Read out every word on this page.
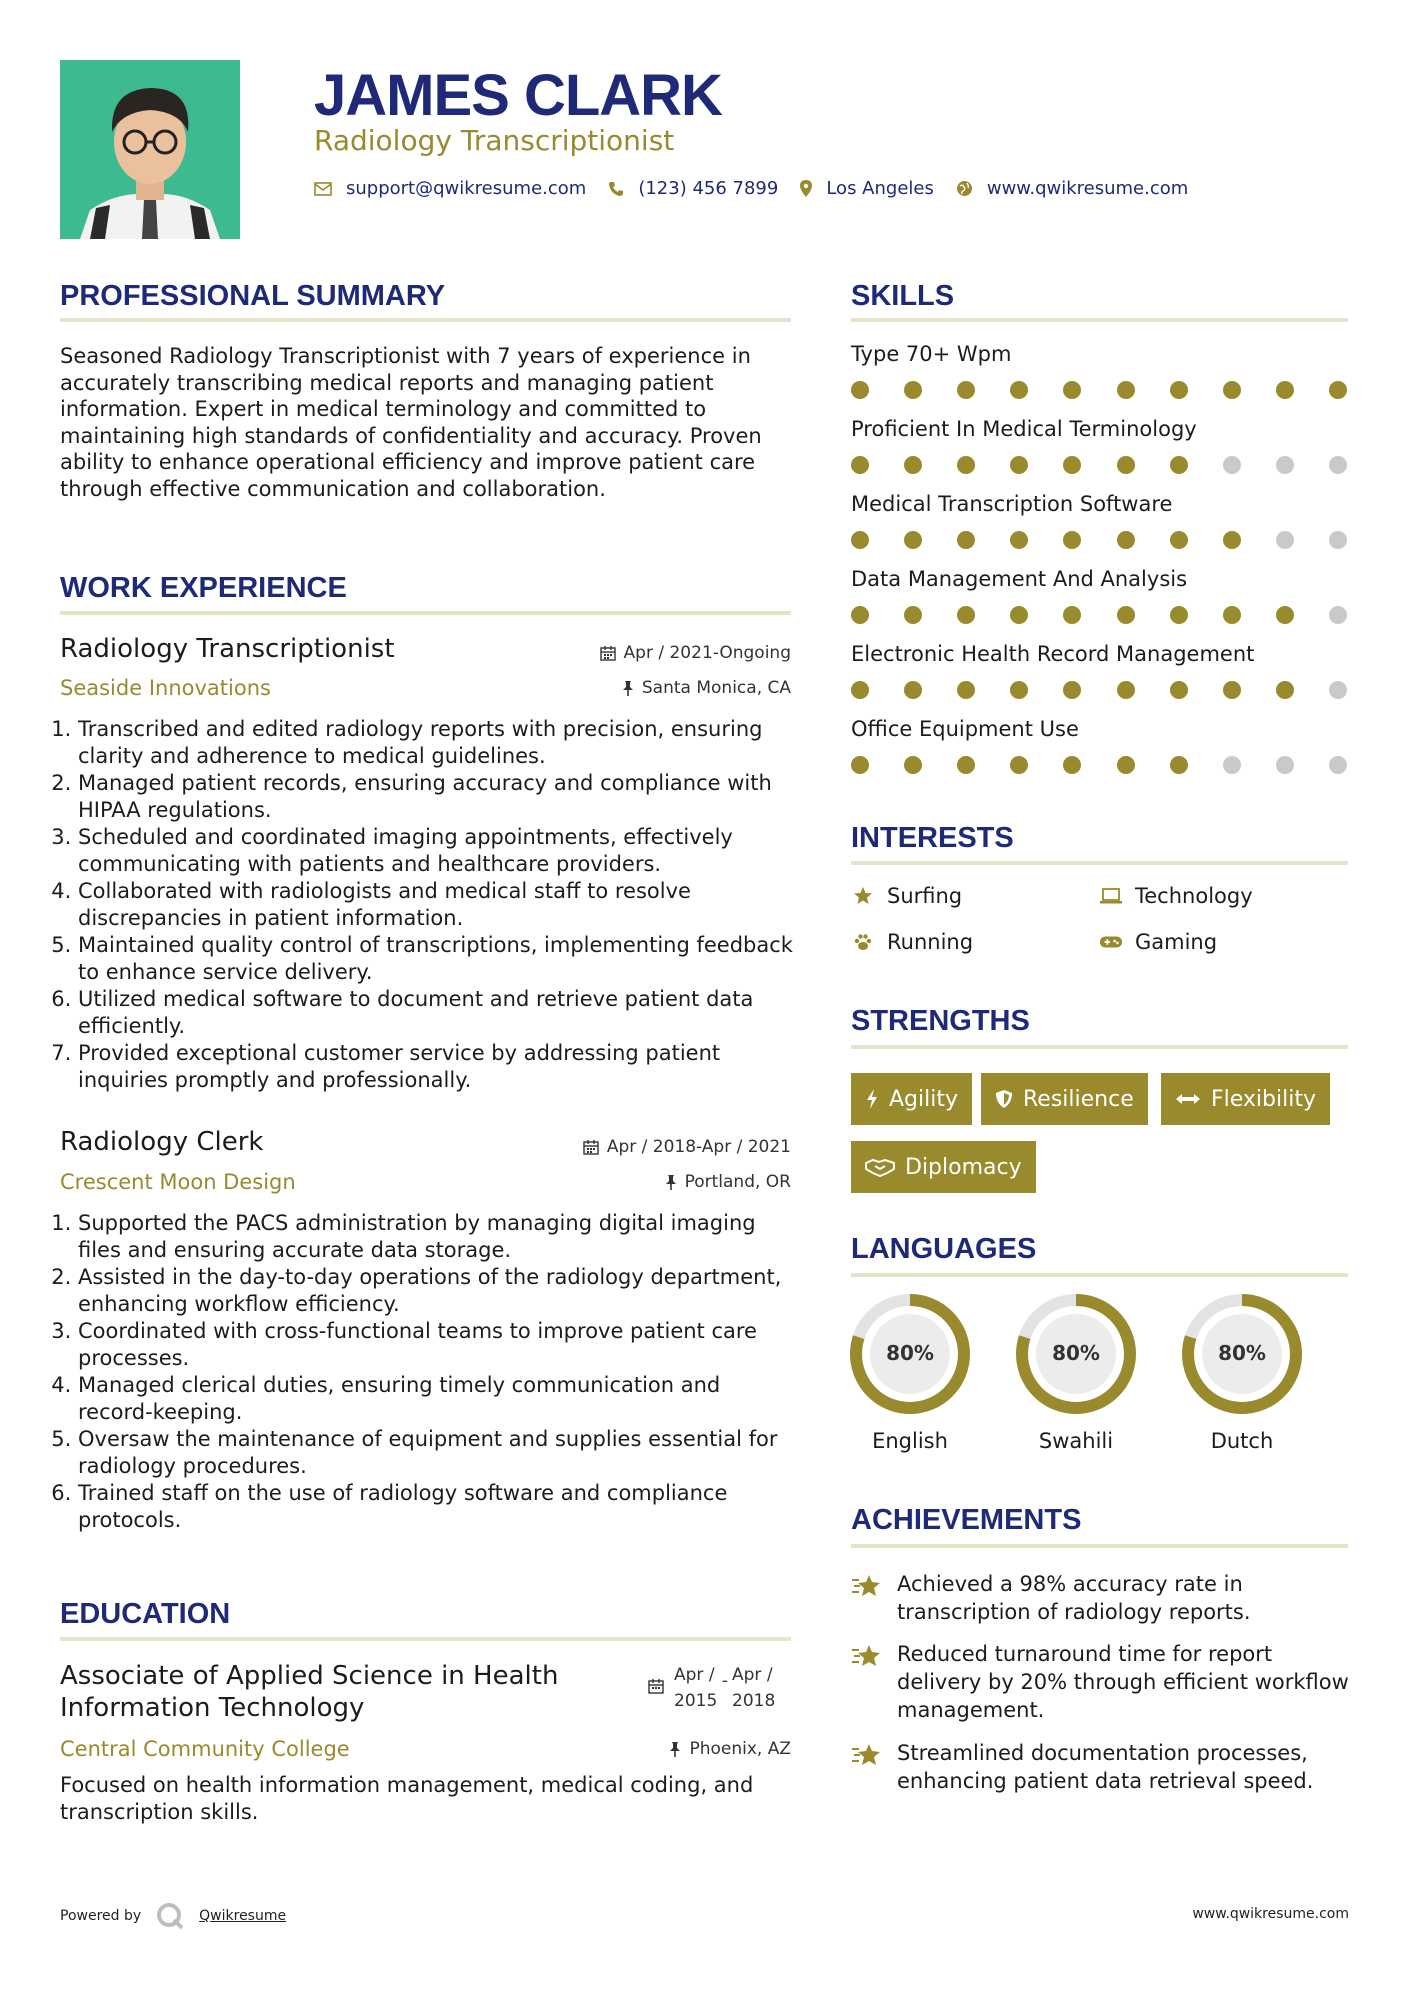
JAMES CLARK
Radiology Transcriptionist
support@qwikresume.com	(123) 456 7899	Los Angeles	www.qwikresume.com
PROFESSIONAL SUMMARY
Seasoned Radiology Transcriptionist with 7 years of experience in accurately transcribing medical reports and managing patient information. Expert in medical terminology and committed to maintaining high standards of confidentiality and accuracy. Proven ability to enhance operational efficiency and improve patient care through effective communication and collaboration.
WORK EXPERIENCE
Radiology Transcriptionist	Apr / 2021-Ongoing
Seaside Innovations	Santa Monica, CA
1. Transcribed and edited radiology reports with precision, ensuring clarity and adherence to medical guidelines.
2. Managed patient records, ensuring accuracy and compliance with HIPAA regulations.
3. Scheduled and coordinated imaging appointments, effectively communicating with patients and healthcare providers.
4. Collaborated with radiologists and medical staff to resolve discrepancies in patient information.
5. Maintained quality control of transcriptions, implementing feedback to enhance service delivery.
6. Utilized medical software to document and retrieve patient data efficiently.
7. Provided exceptional customer service by addressing patient inquiries promptly and professionally.
Radiology Clerk	Apr / 2018-Apr / 2021
Crescent Moon Design	Portland, OR
1. Supported the PACS administration by managing digital imaging files and ensuring accurate data storage.
2. Assisted in the day-to-day operations of the radiology department, enhancing workflow efficiency.
3. Coordinated with cross-functional teams to improve patient care processes.
4. Managed clerical duties, ensuring timely communication and record-keeping.
5. Oversaw the maintenance of equipment and supplies essential for radiology procedures.
6. Trained staff on the use of radiology software and compliance protocols.
EDUCATION
Associate of Applied Science in Health Information Technology
Apr / 2015
- Apr / 2018
Central Community College	Phoenix, AZ
Focused on health information management, medical coding, and transcription skills.
SKILLS
Type 70+ Wpm
Proficient In Medical Terminology
Medical Transcription Software
Data Management And Analysis
Electronic Health Record Management
Office Equipment Use
INTERESTS
Surfing	Technology
Running	Gaming
STRENGTHS
Agility	Resilience	Flexibility
Diplomacy
LANGUAGES
80%
English
80%
Swahili
80%
Dutch
ACHIEVEMENTS
Achieved a 98% accuracy rate in transcription of radiology reports.
Reduced turnaround time for report delivery by 20% through efficient workflow management.
Streamlined documentation processes, enhancing patient data retrieval speed.
Powered by	Qwikresume	www.qwikresume.com
